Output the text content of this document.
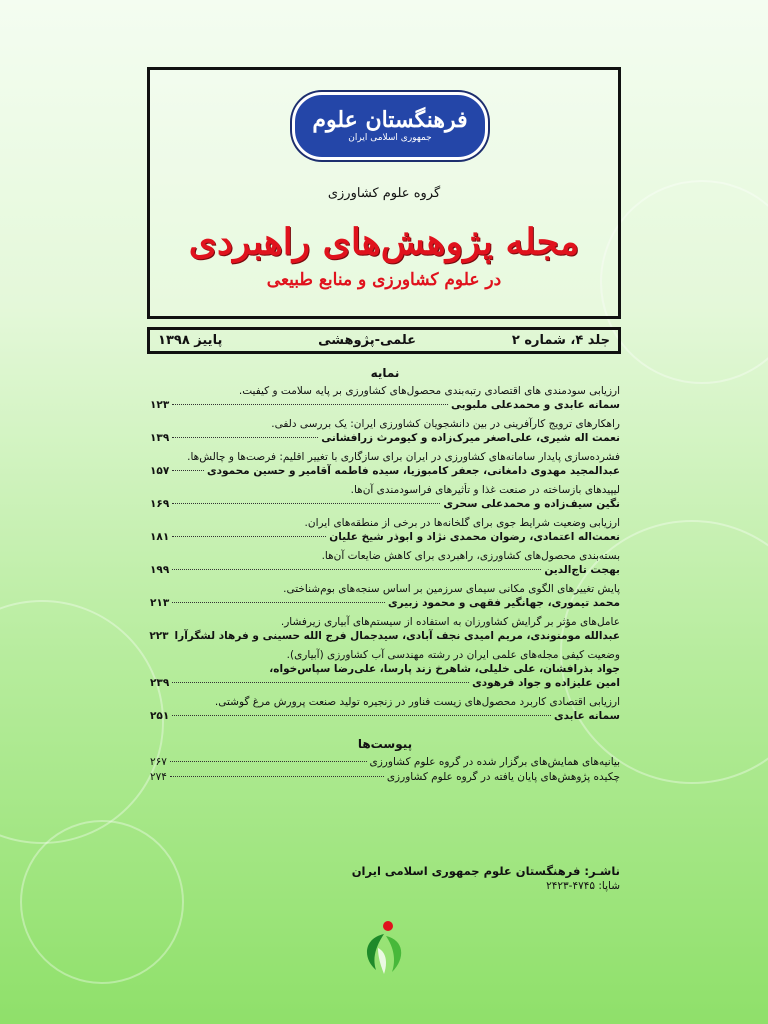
فرهنگستان علوم
جمهوری اسلامی ایران
گروه علوم کشاورزی
مجله پژوهش‌های راهبردی
در علوم کشاورزی و منابع طبیعی
جلد ۴، شماره ۲
علمی-پژوهشی
پاییز ۱۳۹۸
نمایه
ارزیابی سودمندی های اقتصادی رتبه‌بندی محصول‌های کشاورزی بر پایه سلامت و کیفیت.
سمانه عابدی و محمدعلی ملبوبی
۱۲۳
راهکارهای ترویج کارآفرینی در بین دانشجویان کشاورزی ایران: یک بررسی دلفی.
نعمت اله شیری، علی‌اصغر میرک‌زاده و کیومرث زرافشانی
۱۳۹
فشرده‌سازی پایدار سامانه‌های کشاورزی در ایران برای سازگاری با تغییر اقلیم: فرصت‌ها و چالش‌ها.
عبدالمجید مهدوی دامغانی، جعفر کامبوزیا، سیده فاطمه آقامیر و حسین محمودی
۱۵۷
لیپیدهای بازساخته در صنعت غذا و تأثیرهای فراسودمندی آن‌ها.
نگین سیف‌زاده و محمدعلی سحری
۱۶۹
ارزیابی وضعیت شرایط جوی برای گلخانه‌ها در برخی از منطقه‌های ایران.
نعمت‌اله اعتمادی، رضوان محمدی نژاد و ابوذر شیخ علیان
۱۸۱
بسته‌بندی محصول‌های کشاورزی، راهبردی برای کاهش ضایعات آن‌ها.
بهجت تاج‌الدین
۱۹۹
پایش تغییرهای الگوی مکانی سیمای سرزمین بر اساس سنجه‌های بوم‌شناختی.
محمد تیموری، جهانگیر فقهی و محمود زبیری
۲۱۳
عامل‌های مؤثر بر گرایش کشاورزان به استفاده از سیستم‌های آبیاری زیرفشار.
عبدالله مومنوندی، مریم امیدی نجف آبادی، سیدجمال فرج الله حسینی و فرهاد لشگرآرا
۲۲۳
وضعیت کیفی مجله‌های علمی ایران در رشته مهندسی آب کشاورزی (آبیاری).
جواد بذرافشان، علی خلیلی، شاهرخ زند پارسا، علی‌رضا سپاس‌خواه،
امین علیزاده و جواد فرهودی
۲۳۹
ارزیابی اقتصادی کاربرد محصول‌های زیست فناور در زنجیره تولید صنعت پرورش مرغ گوشتی.
سمانه عابدی
۲۵۱
پیوست‌ها
بیانیه‌های همایش‌های برگزار شده در گروه علوم کشاورزی
۲۶۷
چکیده پژوهش‌های پایان یافته در گروه علوم کشاورزی
۲۷۴
ناشـر: فرهنگستان علوم جمهوری اسلامی ایران
شاپا: ۴۷۴۵-۲۴۲۳
